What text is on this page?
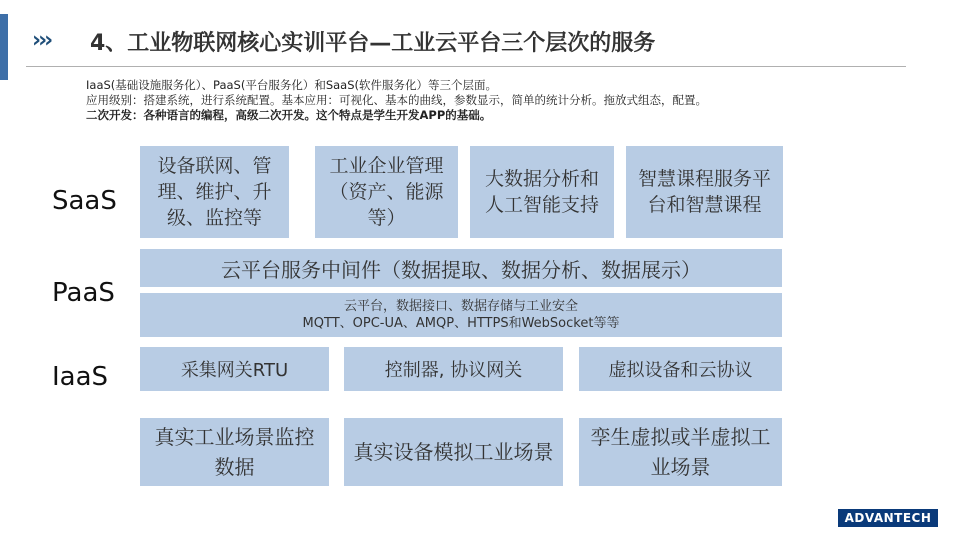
››› 4、工业物联网核心实训平台—工业云平台三个层次的服务
IaaS(基础设施服务化）、PaaS(平台服务化）和SaaS(软件服务化）等三个层面。
应用级别：搭建系统，进行系统配置。基本应用：可视化、基本的曲线，参数显示，简单的统计分析。拖放式组态，配置。
二次开发：各种语言的编程，高级二次开发。这个特点是学生开发APP的基础。
SaaS
PaaS
IaaS
设备联网、管理、维护、升级、监控等
工业企业管理（资产、能源等）
大数据分析和人工智能支持
智慧课程服务平台和智慧课程
云平台服务中间件（数据提取、数据分析、数据展示）
云平台，数据接口、数据存储与工业安全
MQTT、OPC-UA、AMQP、HTTPS和WebSocket等等
采集网关RTU	控制器, 协议网关	虚拟设备和云协议
真实工业场景监控数据
真实设备模拟工业场景
孪生虚拟或半虚拟工业场景
ADVANTECH
